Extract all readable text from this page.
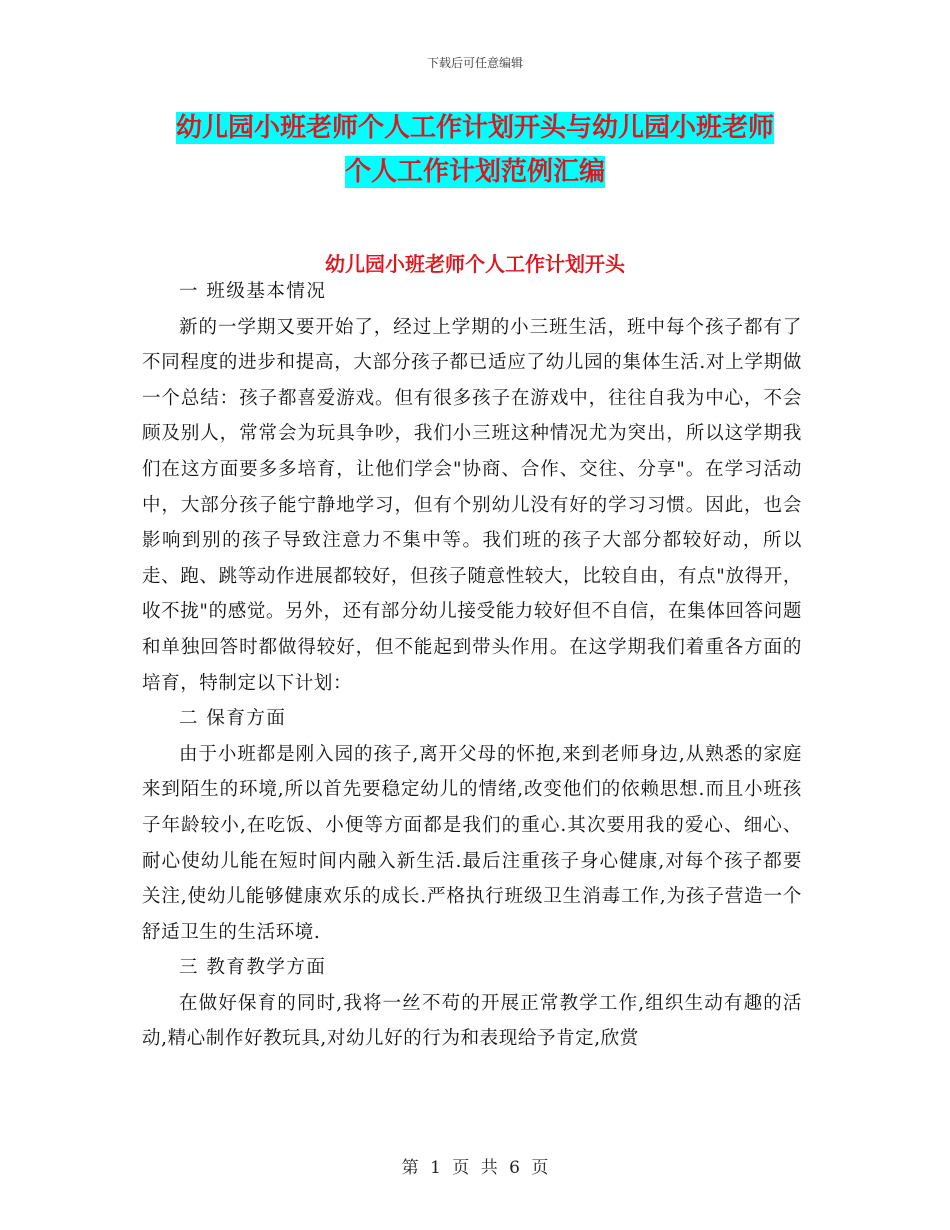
下载后可任意编辑
幼儿园小班老师个人工作计划开头与幼儿园小班老师
个人工作计划范例汇编
幼儿园小班老师个人工作计划开头

一 班级基本情况

新的一学期又要开始了，经过上学期的小三班生活，班中每个孩子都有了不同程度的进步和提高，大部分孩子都已适应了幼儿园的集体生活.对上学期做一个总结：孩子都喜爱游戏。但有很多孩子在游戏中，往往自我为中心，不会顾及别人，常常会为玩具争吵，我们小三班这种情况尤为突出，所以这学期我们在这方面要多多培育，让他们学会"协商、合作、交往、分享"。在学习活动中，大部分孩子能宁静地学习，但有个别幼儿没有好的学习习惯。因此，也会影响到别的孩子导致注意力不集中等。我们班的孩子大部分都较好动，所以走、跑、跳等动作进展都较好，但孩子随意性较大，比较自由，有点"放得开，收不拢"的感觉。另外，还有部分幼儿接受能力较好但不自信，在集体回答问题和单独回答时都做得较好，但不能起到带头作用。在这学期我们着重各方面的培育，特制定以下计划：

二 保育方面

由于小班都是刚入园的孩子,离开父母的怀抱,来到老师身边,从熟悉的家庭来到陌生的环境,所以首先要稳定幼儿的情绪,改变他们的依赖思想.而且小班孩子年龄较小,在吃饭、小便等方面都是我们的重心.其次要用我的爱心、细心、耐心使幼儿能在短时间内融入新生活.最后注重孩子身心健康,对每个孩子都要关注,使幼儿能够健康欢乐的成长.严格执行班级卫生消毒工作,为孩子营造一个舒适卫生的生活环境.

三 教育教学方面

在做好保育的同时,我将一丝不苟的开展正常教学工作,组织生动有趣的活动,精心制作好教玩具,对幼儿好的行为和表现给予肯定,欣赏

第 1 页 共 6 页
